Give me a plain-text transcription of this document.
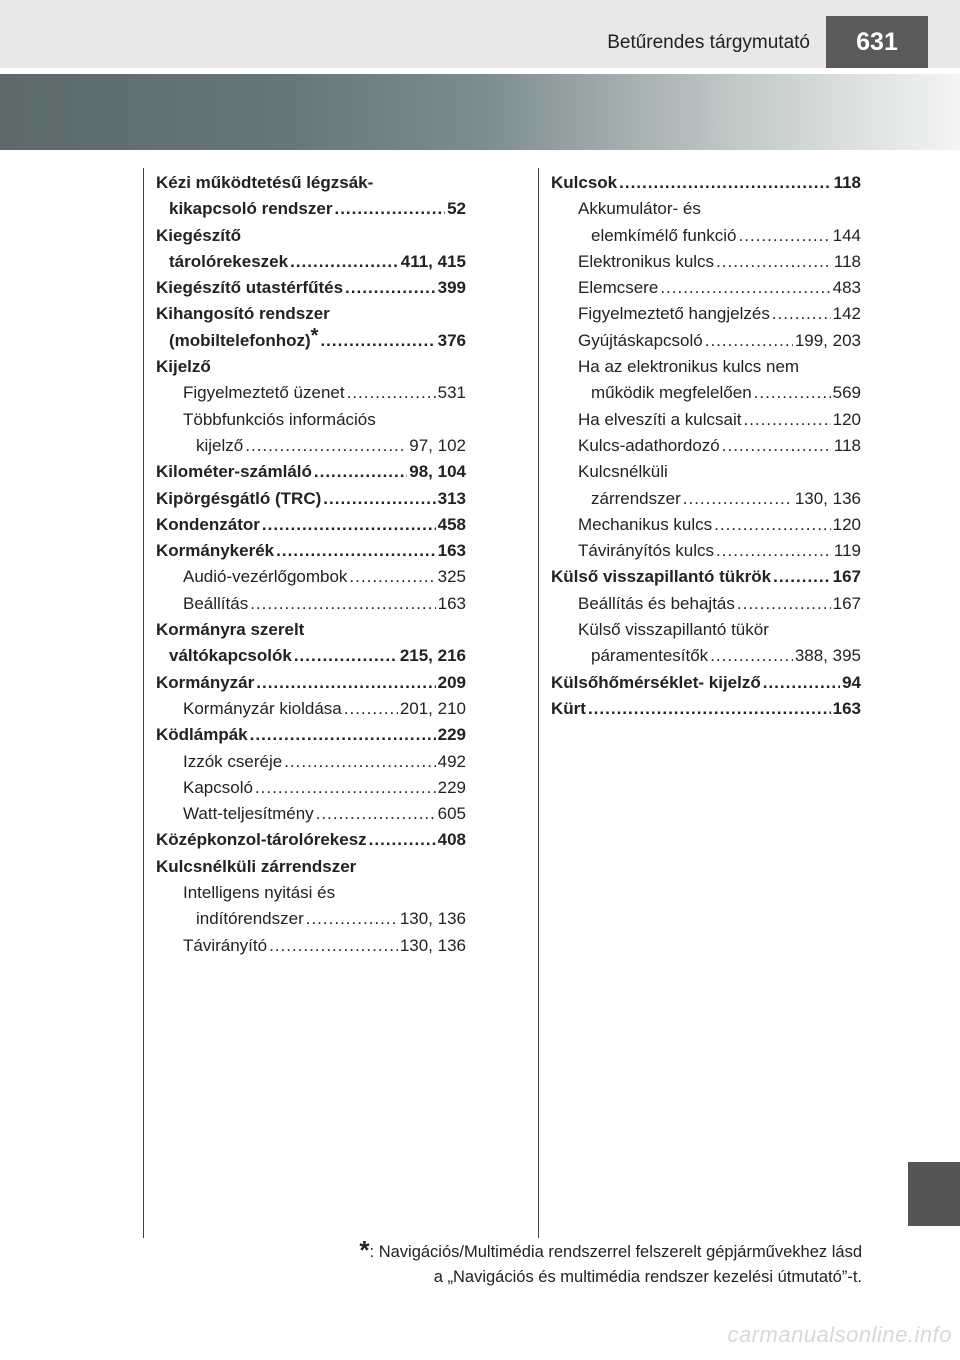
631
Betűrendes tárgymutató
Kézi működtetésű légzsák-
kikapcsoló rendszer .....	52
Kiegészítő
tárolórekeszek .....	411, 415
Kiegészítő utastérfűtés .....	399
Kihangosító rendszer
(mobiltelefonhoz)* .....	376
Kijelző
Figyelmeztető üzenet .....	531
Többfunkciós információs
kijelző .....	97, 102
Kilométer-számláló .....	98, 104
Kipörgésgátló (TRC) .....	313
Kondenzátor .....	458
Kormánykerék .....	163
Audió-vezérlőgombok .....	325
Beállítás .....	163
Kormányra szerelt
váltókapcsolók .....	215, 216
Kormányzár .....	209
Kormányzár kioldása .....	201, 210
Ködlámpák .....	229
Izzók cseréje .....	492
Kapcsoló .....	229
Watt-teljesítmény .....	605
Középkonzol-tárolórekesz .....	408
Kulcsnélküli zárrendszer
Intelligens nyitási és
indítórendszer .....	130, 136
Távirányító .....	130, 136
Kulcsok .....	118
Akkumulátor- és
elemkímélő funkció .....	144
Elektronikus kulcs .....	118
Elemcsere .....	483
Figyelmeztető hangjelzés .....	142
Gyújtáskapcsoló .....	199, 203
Ha az elektronikus kulcs nem
működik megfelelően .....	569
Ha elveszíti a kulcsait .....	120
Kulcs-adathordozó .....	118
Kulcsnélküli
zárrendszer .....	130, 136
Mechanikus kulcs .....	120
Távirányítós kulcs .....	119
Külső visszapillantó tükrök .....	167
Beállítás és behajtás .....	167
Külső visszapillantó tükör
páramentesítők .....	388, 395
Külsőhőmérséklet- kijelző .....	94
Kürt .....	163
*: Navigációs/Multimédia rendszerrel felszerelt gépjárművekhez lásd
a „Navigációs és multimédia rendszer kezelési útmutató”-t.
carmanualsonline.info
